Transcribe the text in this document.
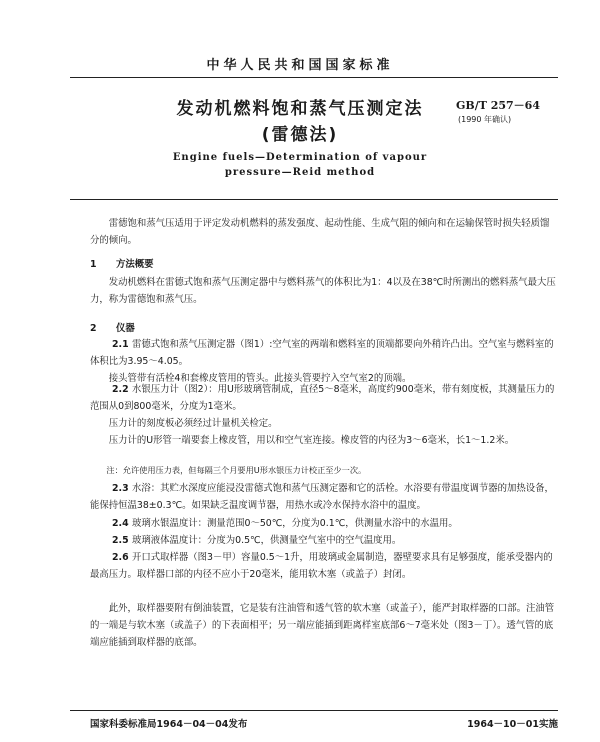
中华人民共和国国家标准
发动机燃料饱和蒸气压测定法
(雷德法)
GB/T 257－64
(1990 年确认)
Engine fuels—Determination of vapour
pressure—Reid method
雷德饱和蒸气压适用于评定发动机燃料的蒸发强度、起动性能、生成气阻的倾向和在运输保管时损失轻质馏分的倾向。
1 方法概要
发动机燃料在雷德式饱和蒸气压测定器中与燃料蒸气的体积比为1：4以及在38℃时所测出的燃料蒸气最大压力，称为雷德饱和蒸气压。
2 仪器
2.1 雷德式饱和蒸气压测定器（图1）:空气室的两端和燃料室的顶端都要向外稍许凸出。空气室与燃料室的体积比为3.95～4.05。
接头管带有活栓4和套橡皮管用的管头。此接头管要拧入空气室2的顶端。
2.2 水银压力计（图2）：用U形玻璃管制成，直径5～8毫米，高度约900毫米，带有刻度板，其测量压力的范围从0到800毫米，分度为1毫米。
压力计的刻度板必须经过计量机关检定。
压力计的U形管一端要套上橡皮管，用以和空气室连接。橡皮管的内径为3～6毫米，长1～1.2米。
注：允许使用压力表，但每隔三个月要用U形水银压力计校正至少一次。
2.3 水浴：其贮水深度应能浸没雷德式饱和蒸气压测定器和它的活栓。水浴要有带温度调节器的加热设备，能保持恒温38±0.3℃。如果缺乏温度调节器，用热水或冷水保持水浴中的温度。
2.4 玻璃水银温度计：测量范围0～50℃，分度为0.1℃，供测量水浴中的水温用。
2.5 玻璃液体温度计：分度为0.5℃，供测量空气室中的空气温度用。
2.6 开口式取样器（图3－甲）容量0.5～1升，用玻璃或金属制造，器壁要求具有足够强度，能承受器内的最高压力。取样器口部的内径不应小于20毫米，能用软木塞（或盖子）封闭。
此外，取样器要附有倒油装置，它是装有注油管和透气管的软木塞（或盖子），能严封取样器的口部。注油管的一端是与软木塞（或盖子）的下表面相平；另一端应能插到距离样室底部6～7毫米处（图3－丁）。透气管的底端应能插到取样器的底部。
国家科委标准局1964－04－04发布	1964－10－01实施
